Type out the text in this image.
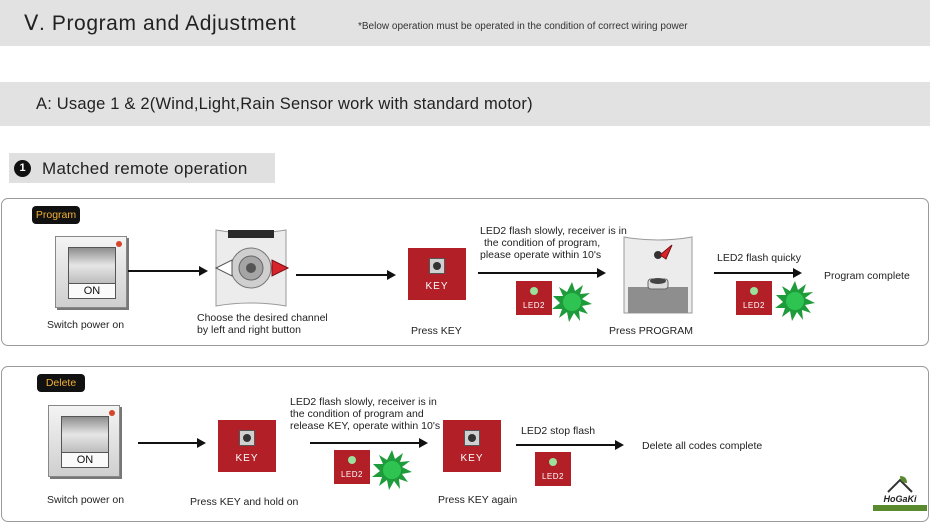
Ⅴ. Program and Adjustment	*Below operation must be operated in the condition of correct wiring power
A: Usage 1 & 2(Wind,Light,Rain Sensor work with standard motor)
1 Matched remote operation
Program
ON
Switch power on
Choose the desired channel
by left and right button
KEY
Press KEY
LED2 flash slowly, receiver is in
the condition of program,
please operate within 10's
LED2
Press PROGRAM
LED2 flash quicky
LED2
Program complete
Delete
ON
Switch power on
KEY
Press KEY and hold on
LED2 flash slowly, receiver is in
the condition of program and
release KEY, operate within 10's
LED2
KEY
Press KEY again
LED2 stop flash
LED2
Delete all codes complete
HoGaKi
